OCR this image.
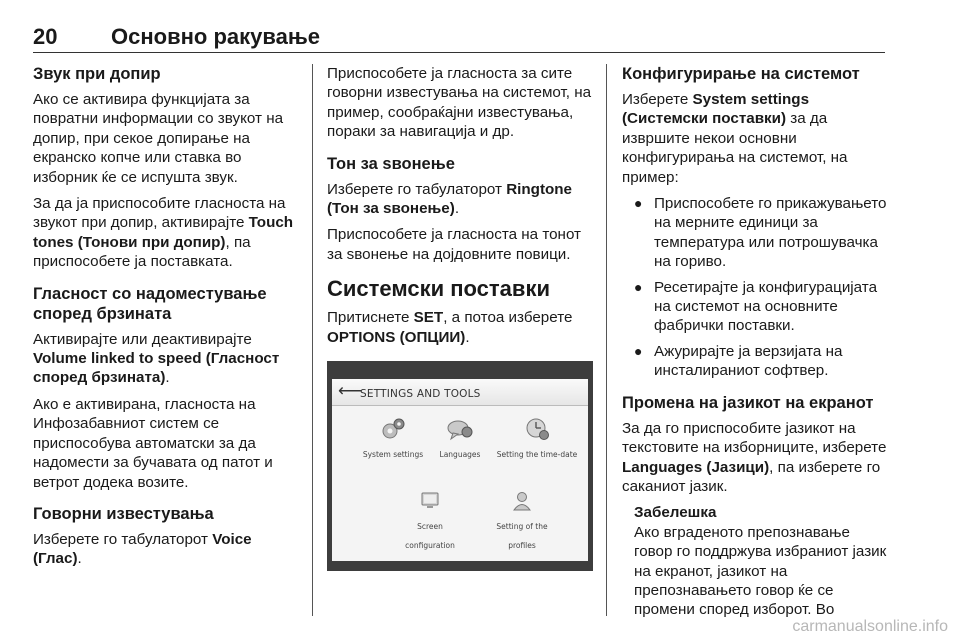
20 Основно ракување
Звук при допир

Ако се активира функцијата за повратни информации со звукот на допир, при секое допирање на екранско копче или ставка во изборник ќе се испушта звук.

За да ја приспособите гласноста на звукот при допир, активирајте Touch tones (Тонови при допир), па приспособете ја поставката.

Гласност со надоместување според брзината

Активирајте или деактивирајте Volume linked to speed (Гласност според брзината).

Ако е активирана, гласноста на Инфозабавниот систем се приспособува автоматски за да надомести за бучавата од патот и ветрот додека возите.

Говорни известувања

Изберете го табулаторот Voice (Глас).

Приспособете ја гласноста за сите говорни известувања на системот, на пример, сообраќајни известувања, пораки за навигација и др.

Тон за ѕвонење

Изберете го табулаторот Ringtone (Тон за ѕвонење).

Приспособете ја гласноста на тонот за ѕвонење на дојдовните повици.

Системски поставки

Притиснете SET, а потоа изберете OPTIONS (ОПЦИИ).

⟵
SETTINGS AND TOOLS
System settings	Languages	Setting the time-date
Screen configuration
Setting of the profiles
Конфигурирање на системот

Изберете System settings (Системски поставки) за да извршите некои основни конфигурирања на системот, на пример:

● Приспособете го прикажувањето на мерните единици за температура или потрошувачка на гориво.
● Ресетирајте ја конфигурацијата на системот на основните фабрички поставки.
● Ажурирајте ја верзијата на инсталираниот софтвер.
Промена на јазикот на екранот

За да го приспособите јазикот на текстовите на изборниците, изберете Languages (Јазици), па изберете го саканиот јазик.

Забелешка
Ако вграденото препознавање говор го поддржува избраниот јазик на екранот, јазикот на препознавањето говор ќе се промени според изборот. Во
carmanualsonline.info
